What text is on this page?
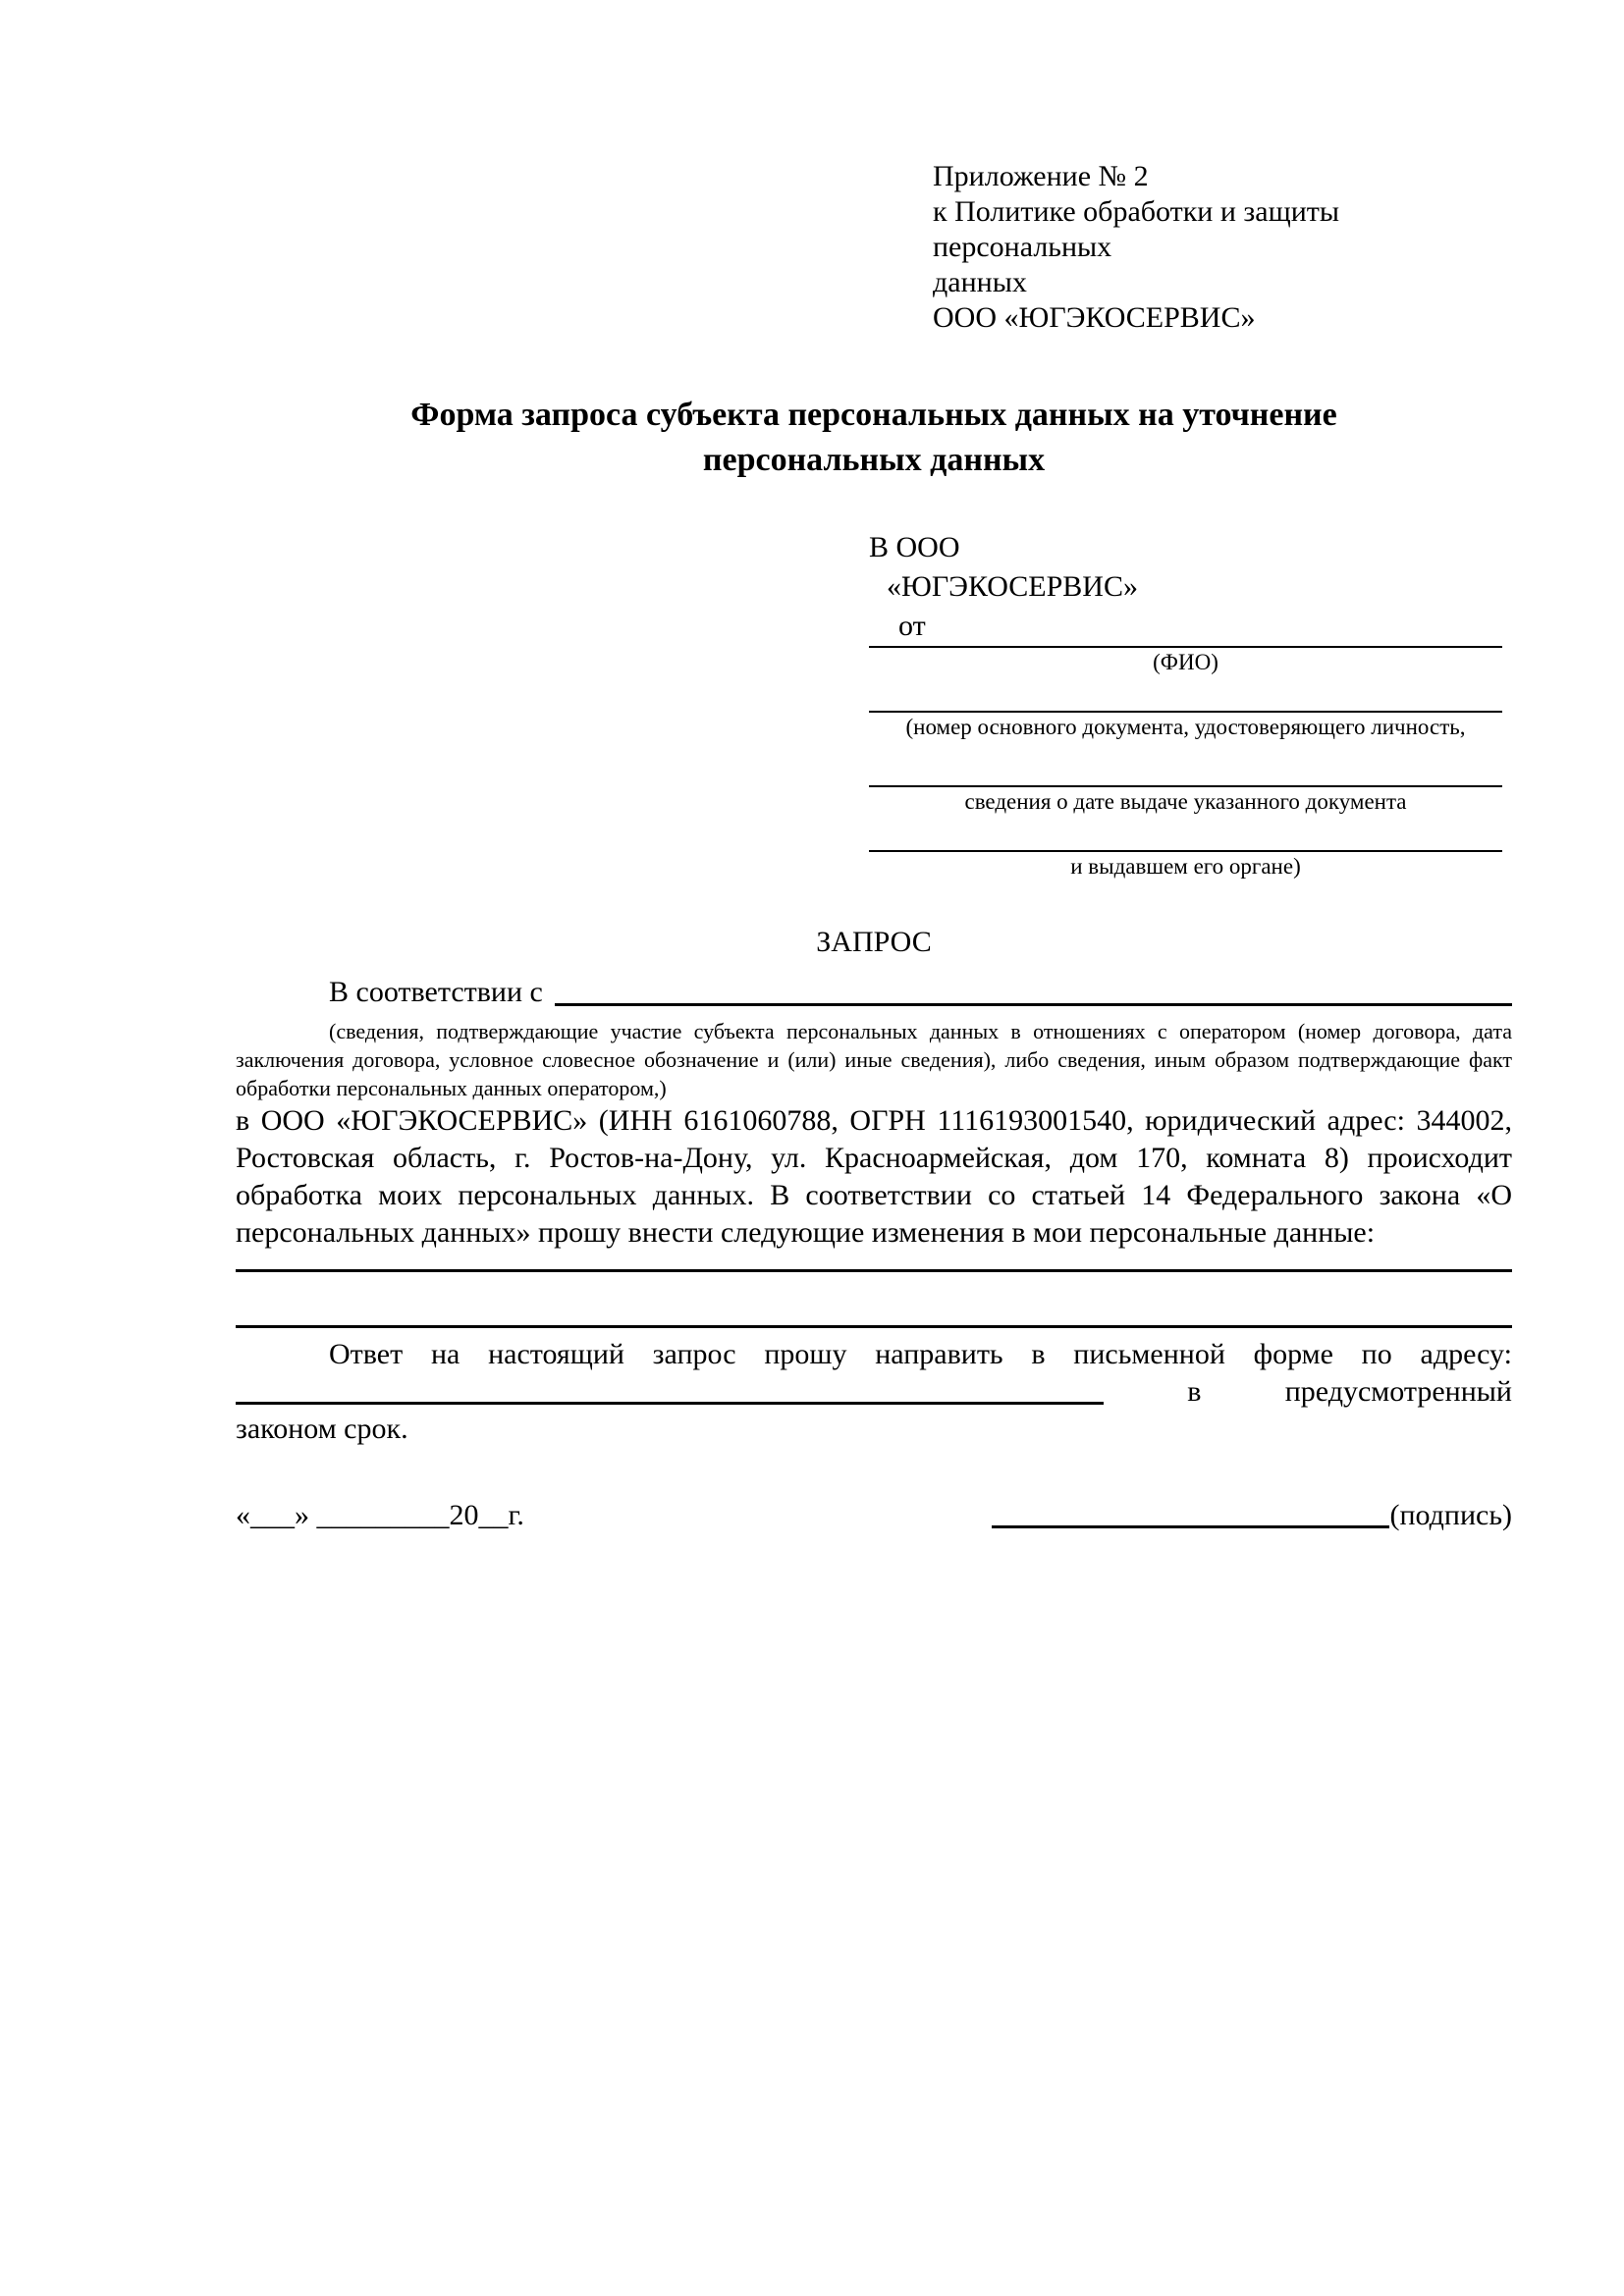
Приложение № 2
к Политике обработки и защиты персональных
данных
ООО «ЮГЭКОСЕРВИС»
Форма запроса субъекта персональных данных на уточнение
персональных данных
В ООО
«ЮГЭКОСЕРВИС»
от
(ФИО)
(номер основного документа, удостоверяющего личность,
сведения о дате выдаче указанного документа
и выдавшем его органе)
ЗАПРОС
В соответствии с

(сведения, подтверждающие участие субъекта персональных данных в отношениях с оператором (номер договора, дата заключения договора, условное словесное обозначение и (или) иные сведения), либо сведения, иным образом подтверждающие факт обработки персональных данных оператором,)

в ООО «ЮГЭКОСЕРВИС» (ИНН 6161060788, ОГРН 1116193001540, юридический адрес: 344002, Ростовская область, г. Ростов-на-Дону, ул. Красноармейская, дом 170, комната 8) происходит обработка моих персональных данных. В соответствии со статьей 14 Федерального закона «О персональных данных» прошу внести следующие изменения в мои персональные данные:

Ответ на настоящий запрос прошу направить в письменной форме по адресу:

в	предусмотренный

законом срок.

«___» _________20__г.	(подпись)
